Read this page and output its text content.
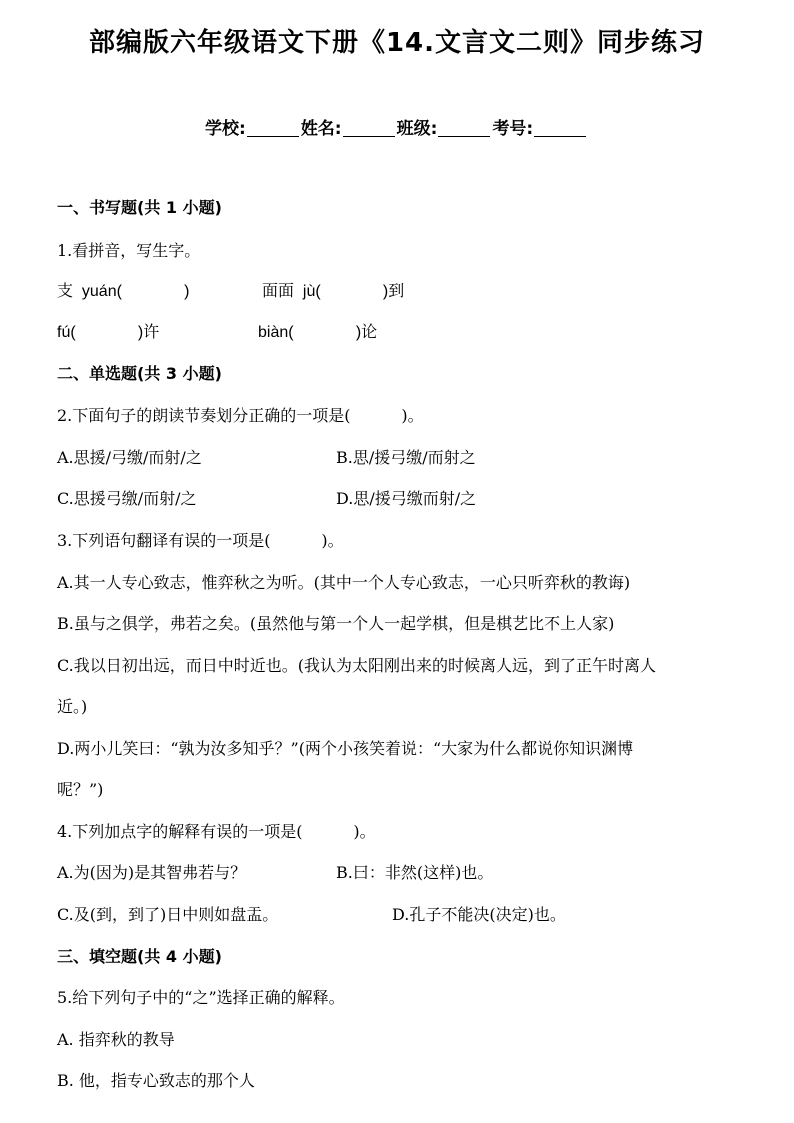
部编版六年级语文下册《14.文言文二则》同步练习
学校:	姓名:	班级:	考号:
一、书写题(共 1 小题)
1.看拼音，写生字。
支  yuán(              )	面面  jù(              )到
fú(              )许	biàn(              )论
二、单选题(共 3 小题)
2.下面句子的朗读节奏划分正确的一项是(          )。
A.思援/弓缴/而射/之	B.思/援弓缴/而射之
C.思援弓缴/而射/之	D.思/援弓缴而射/之
3.下列语句翻译有误的一项是(          )。
A.其一人专心致志，惟弈秋之为听。(其中一个人专心致志，一心只听弈秋的教诲)
B.虽与之俱学，弗若之矣。(虽然他与第一个人一起学棋，但是棋艺比不上人家)
C.我以日初出远，而日中时近也。(我认为太阳刚出来的时候离人远，到了正午时离人
近。)
D.两小儿笑曰：“孰为汝多知乎？”(两个小孩笑着说：“大家为什么都说你知识渊博
呢？”)
4.下列加点字的解释有误的一项是(          )。
A.为(因为)是其智弗若与？	B.曰：非然(这样)也。
C.及(到，到了)日中则如盘盂。	D.孔子不能决(决定)也。
三、填空题(共 4 小题)
5.给下列句子中的“之”选择正确的解释。
A. 指弈秋的教导
B. 他，指专心致志的那个人
